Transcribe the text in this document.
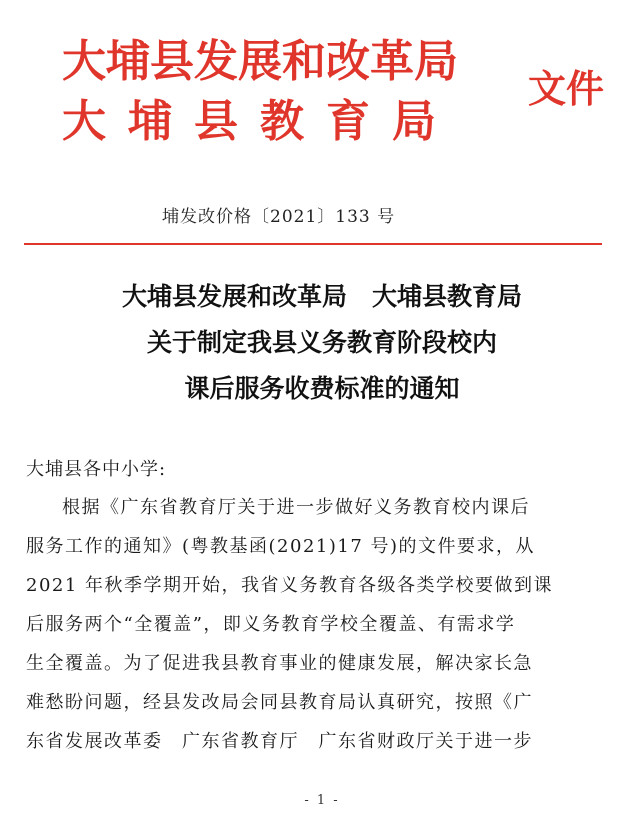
大埔县发展和改革局
大埔县教育局
文件
埔发改价格〔2021〕133 号
大埔县发展和改革局　大埔县教育局
关于制定我县义务教育阶段校内
课后服务收费标准的通知
大埔县各中小学:
根据《广东省教育厅关于进一步做好义务教育校内课后
服务工作的通知》(粤教基函(2021)17 号)的文件要求，从
2021 年秋季学期开始，我省义务教育各级各类学校要做到课
后服务两个“全覆盖”，即义务教育学校全覆盖、有需求学
生全覆盖。为了促进我县教育事业的健康发展，解决家长急
难愁盼问题，经县发改局会同县教育局认真研究，按照《广
东省发展改革委　广东省教育厅　广东省财政厅关于进一步
- 1 -
